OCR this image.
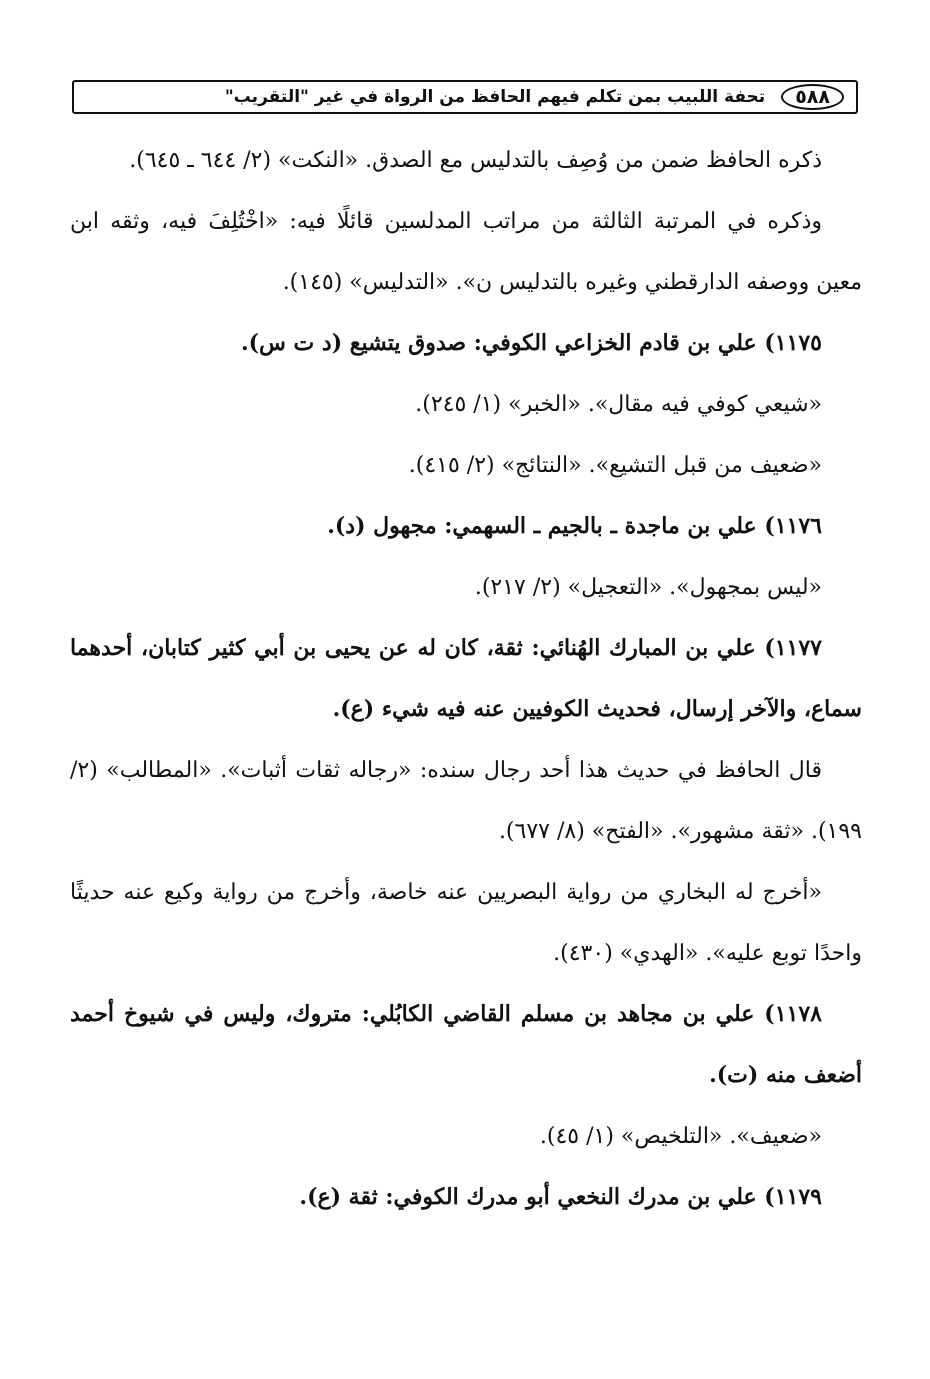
٥٨٨
تحفة اللبيب بمن تكلم فيهم الحافظ من الرواة في غير "التقريب"

ذكره الحافظ ضمن من وُصِف بالتدليس مع الصدق. «النكت» (٢/ ٦٤٤ ـ ٦٤٥).

وذكره في المرتبة الثالثة من مراتب المدلسين قائلًا فيه: «اخْتُلِفَ فيه، وثقه ابن معين ووصفه الدارقطني وغيره بالتدليس ن». «التدليس» (١٤٥).

١١٧٥) علي بن قادم الخزاعي الكوفي: صدوق يتشيع (د ت س).

«شيعي كوفي فيه مقال». «الخبر» (١/ ٢٤٥).

«ضعيف من قبل التشيع». «النتائج» (٢/ ٤١٥).

١١٧٦) علي بن ماجدة ـ بالجيم ـ السهمي: مجهول (د).

«ليس بمجهول». «التعجيل» (٢/ ٢١٧).

١١٧٧) علي بن المبارك الهُنائي: ثقة، كان له عن يحيى بن أبي كثير كتابان، أحدهما سماع، والآخر إرسال، فحديث الكوفيين عنه فيه شيء (ع).

قال الحافظ في حديث هذا أحد رجال سنده: «رجاله ثقات أثبات». «المطالب» (٢/ ١٩٩). «ثقة مشهور». «الفتح» (٨/ ٦٧٧).

«أخرج له البخاري من رواية البصريين عنه خاصة، وأخرج من رواية وكيع عنه حديثًا واحدًا توبع عليه». «الهدي» (٤٣٠).

١١٧٨) علي بن مجاهد بن مسلم القاضي الكابُلي: متروك، وليس في شيوخ أحمد أضعف منه (ت).

«ضعيف». «التلخيص» (١/ ٤٥).

١١٧٩) علي بن مدرك النخعي أبو مدرك الكوفي: ثقة (ع).
